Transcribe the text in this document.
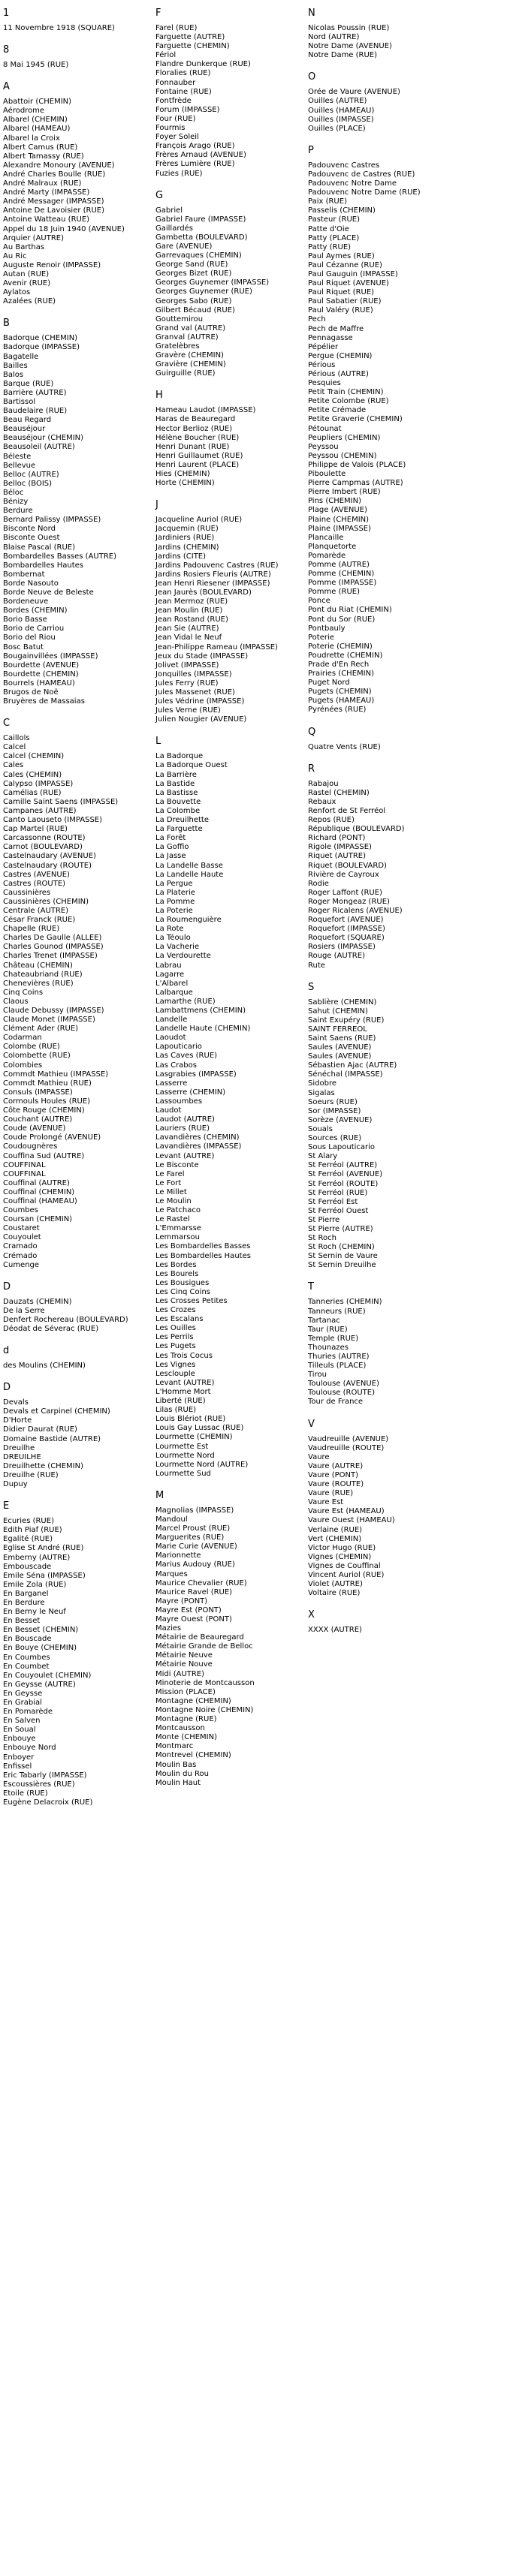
1
11 Novembre 1918 (SQUARE)
8
8 Mai 1945 (RUE)
A
Abattoir (CHEMIN)
Aérodrome
Albarel (CHEMIN)
Albarel (HAMEAU)
Albarel la Croix
Albert Camus (RUE)
Albert Tamassy (RUE)
Alexandre Monoury (AVENUE)
André Charles Boulle (RUE)
André Malraux (RUE)
André Marty (IMPASSE)
André Messager (IMPASSE)
Antoine De Lavoisier (RUE)
Antoine Watteau (RUE)
Appel du 18 Juin 1940 (AVENUE)
Arquier (AUTRE)
Au Barthas
Au Ric
Auguste Renoir (IMPASSE)
Autan (RUE)
Avenir (RUE)
Aylatos
Azalées (RUE)
B
Badorque (CHEMIN)
Badorque (IMPASSE)
Bagatelle
Bailles
Balos
Barque (RUE)
Barrière (AUTRE)
Bartissol
Baudelaire (RUE)
Beau Regard
Beauséjour
Beauséjour (CHEMIN)
Beausoleil (AUTRE)
Béleste
Bellevue
Belloc (AUTRE)
Belloc (BOIS)
Béloc
Bénizy
Berdure
Bernard Palissy (IMPASSE)
Bisconte Nord
Bisconte Ouest
Blaise Pascal (RUE)
Bombardelles Basses (AUTRE)
Bombardelles Hautes
Bombernat
Borde Nasouto
Borde Neuve de Beleste
Bordeneuve
Bordes (CHEMIN)
Borio Basse
Borio de Carriou
Borio del Riou
Bosc Batut
Bougainvillées (IMPASSE)
Bourdette (AVENUE)
Bourdette (CHEMIN)
Bourrels (HAMEAU)
Brugos de Noë
Bruyères de Massaias
C
Caillols
Calcel
Calcel (CHEMIN)
Cales
Cales (CHEMIN)
Calypso (IMPASSE)
Camélias (RUE)
Camille Saint Saens (IMPASSE)
Campanes (AUTRE)
Canto Laouseto (IMPASSE)
Cap Martel (RUE)
Carcassonne (ROUTE)
Carnot (BOULEVARD)
Castelnaudary (AVENUE)
Castelnaudary (ROUTE)
Castres (AVENUE)
Castres (ROUTE)
Caussinières
Caussinières (CHEMIN)
Centrale (AUTRE)
César Franck (RUE)
Chapelle (RUE)
Charles De Gaulle (ALLEE)
Charles Gounod (IMPASSE)
Charles Trenet (IMPASSE)
Château (CHEMIN)
Chateaubriand (RUE)
Chenevières (RUE)
Cinq Coins
Claous
Claude Debussy (IMPASSE)
Claude Monet (IMPASSE)
Clément Ader (RUE)
Codarman
Colombe (RUE)
Colombette (RUE)
Colombies
Commdt Mathieu (IMPASSE)
Commdt Mathieu (RUE)
Consuls (IMPASSE)
Cormouls Houles (RUE)
Côte Rouge (CHEMIN)
Couchant (AUTRE)
Coude (AVENUE)
Coude Prolongé (AVENUE)
Coudougnères
Couffina Sud (AUTRE)
COUFFINAL
COUFFINAL
Couffinal (AUTRE)
Couffinal (CHEMIN)
Couffinal (HAMEAU)
Coumbes
Coursan (CHEMIN)
Coustaret
Couyoulet
Cramado
Crémado
Cumenge
D
Dauzats (CHEMIN)
De la Serre
Denfert Rochereau (BOULEVARD)
Déodat de Séverac (RUE)
d
des Moulins (CHEMIN)
D
Devals
Devals et Carpinel (CHEMIN)
D'Horte
Didier Daurat (RUE)
Domaine Bastide (AUTRE)
Dreuilhe
DREUILHE
Dreuilhette (CHEMIN)
Dreuilhe (RUE)
Dupuy
E
Ecuries (RUE)
Edith Piaf (RUE)
Egalité (RUE)
Eglise St André (RUE)
Emberny (AUTRE)
Embouscade
Emile Séna (IMPASSE)
Emile Zola (RUE)
En Barganel
En Berdure
En Berny le Neuf
En Besset
En Besset (CHEMIN)
En Bouscade
En Bouye (CHEMIN)
En Coumbes
En Coumbet
En Couyoulet (CHEMIN)
En Geysse (AUTRE)
En Geysse
En Grabial
En Pomarède
En Salven
En Soual
Enbouye
Enbouye Nord
Enboyer
Enfissel
Eric Tabarly (IMPASSE)
Escoussières (RUE)
Etoile (RUE)
Eugène Delacroix (RUE)
F
Farel (RUE)
Farguette (AUTRE)
Farguette (CHEMIN)
Fériol
Flandre Dunkerque (RUE)
Floralies (RUE)
Fonnauber
Fontaine (RUE)
Fontfrède
Forum (IMPASSE)
Four (RUE)
Fourmis
Foyer Soleil
François Arago (RUE)
Frères Arnaud (AVENUE)
Frères Lumière (RUE)
Fuzies (RUE)
G
Gabriel
Gabriel Faure (IMPASSE)
Gaillardés
Gambetta (BOULEVARD)
Gare (AVENUE)
Garrevaques (CHEMIN)
George Sand (RUE)
Georges Bizet (RUE)
Georges Guynemer (IMPASSE)
Georges Guynemer (RUE)
Georges Sabo (RUE)
Gilbert Bécaud (RUE)
Gouttemirou
Grand val (AUTRE)
Granval (AUTRE)
Gratelèbres
Gravère (CHEMIN)
Gravière (CHEMIN)
Guirguille (RUE)
H
Hameau Laudot (IMPASSE)
Haras de Beauregard
Hector Berlioz (RUE)
Hélène Boucher (RUE)
Henri Dunant (RUE)
Henri Guillaumet (RUE)
Henri Laurent (PLACE)
Hies (CHEMIN)
Horte (CHEMIN)
J
Jacqueline Auriol (RUE)
Jacquemin (RUE)
Jardiniers (RUE)
Jardins (CHEMIN)
Jardins (CITE)
Jardins Padouvenc Castres (RUE)
Jardins Rosiers Fleuris (AUTRE)
Jean Henri Riesener (IMPASSE)
Jean Jaurès (BOULEVARD)
Jean Mermoz (RUE)
Jean Moulin (RUE)
Jean Rostand (RUE)
Jean Sie (AUTRE)
Jean Vidal le Neuf
Jean-Philippe Rameau (IMPASSE)
Jeux du Stade (IMPASSE)
Jolivet (IMPASSE)
Jonquilles (IMPASSE)
Jules Ferry (RUE)
Jules Massenet (RUE)
Jules Védrine (IMPASSE)
Jules Verne (RUE)
Julien Nougier (AVENUE)
L
La Badorque
La Badorque Ouest
La Barrière
La Bastide
La Bastisse
La Bouvette
La Colombe
La Dreuilhette
La Farguette
La Forêt
La Goffio
La Jasse
La Landelle Basse
La Landelle Haute
La Pergue
La Platerie
La Pomme
La Poterie
La Roumenguière
La Rote
La Téoulo
La Vacherie
La Verdourette
Labrau
Lagarre
L'Albarel
Lalbarque
Lamarthe (RUE)
Lambattmens (CHEMIN)
Landelle
Landelle Haute (CHEMIN)
Laoudot
Lapouticario
Las Caves (RUE)
Las Crabos
Lasgrabies (IMPASSE)
Lasserre
Lasserre (CHEMIN)
Lassoumbes
Laudot
Laudot (AUTRE)
Lauriers (RUE)
Lavandières (CHEMIN)
Lavandières (IMPASSE)
Levant (AUTRE)
Le Bisconte
Le Farel
Le Fort
Le Millet
Le Moulin
Le Patchaco
Le Rastel
L'Emmarsse
Lemmarsou
Les Bombardelles Basses
Les Bombardelles Hautes
Les Bordes
Les Bourels
Les Bousigues
Les Cinq Coins
Les Crosses Petites
Les Crozes
Les Escalans
Les Ouilles
Les Perrils
Les Pugets
Les Trois Cocus
Les Vignes
Lesclouple
Levant (AUTRE)
L'Homme Mort
Liberté (RUE)
Lilas (RUE)
Louis Blériot (RUE)
Louis Gay Lussac (RUE)
Lourmette (CHEMIN)
Lourmette Est
Lourmette Nord
Lourmette Nord (AUTRE)
Lourmette Sud
M
Magnolias (IMPASSE)
Mandoul
Marcel Proust (RUE)
Marguerites (RUE)
Marie Curie (AVENUE)
Marionnette
Marius Audouy (RUE)
Marques
Maurice Chevalier (RUE)
Maurice Ravel (RUE)
Mayre (PONT)
Mayre Est (PONT)
Mayre Ouest (PONT)
Mazies
Métairie de Beauregard
Métairie Grande de Belloc
Métairie Neuve
Métairie Nouve
Midi (AUTRE)
Minoterie de Montcausson
Mission (PLACE)
Montagne (CHEMIN)
Montagne Noire (CHEMIN)
Montagne (RUE)
Montcausson
Monte (CHEMIN)
Montmarc
Montrevel (CHEMIN)
Moulin Bas
Moulin du Rou
Moulin Haut
N
Nicolas Poussin (RUE)
Nord (AUTRE)
Notre Dame (AVENUE)
Notre Dame (RUE)
O
Orée de Vaure (AVENUE)
Ouilles (AUTRE)
Ouilles (HAMEAU)
Ouilles (IMPASSE)
Ouilles (PLACE)
P
Padouvenc Castres
Padouvenc de Castres (RUE)
Padouvenc Notre Dame
Padouvenc Notre Dame (RUE)
Paix (RUE)
Passelis (CHEMIN)
Pasteur (RUE)
Patte d'Oie
Patty (PLACE)
Patty (RUE)
Paul Aymes (RUE)
Paul Cézanne (RUE)
Paul Gauguin (IMPASSE)
Paul Riquet (AVENUE)
Paul Riquet (RUE)
Paul Sabatier (RUE)
Paul Valéry (RUE)
Pech
Pech de Maffre
Pennagasse
Pépélier
Pergue (CHEMIN)
Périous
Périous (AUTRE)
Pesquies
Petit Train (CHEMIN)
Petite Colombe (RUE)
Petite Crémade
Petite Graverie (CHEMIN)
Pétounat
Peupliers (CHEMIN)
Peyssou
Peyssou (CHEMIN)
Philippe de Valois (PLACE)
Piboulette
Pierre Campmas (AUTRE)
Pierre Imbert (RUE)
Pins (CHEMIN)
Plage (AVENUE)
Plaine (CHEMIN)
Plaine (IMPASSE)
Plancaille
Planquetorte
Pomarède
Pomme (AUTRE)
Pomme (CHEMIN)
Pomme (IMPASSE)
Pomme (RUE)
Ponce
Pont du Riat (CHEMIN)
Pont du Sor (RUE)
Pontbauly
Poterie
Poterie (CHEMIN)
Poudrette (CHEMIN)
Prade d'En Rech
Prairies (CHEMIN)
Puget Nord
Pugets (CHEMIN)
Pugets (HAMEAU)
Pyrénées (RUE)
Q
Quatre Vents (RUE)
R
Rabajou
Rastel (CHEMIN)
Rebaux
Renfort de St Ferréol
Repos (RUE)
République (BOULEVARD)
Richard (PONT)
Rigole (IMPASSE)
Riquet (AUTRE)
Riquet (BOULEVARD)
Rivière de Cayroux
Rodie
Roger Laffont (RUE)
Roger Mongeaz (RUE)
Roger Ricalens (AVENUE)
Roquefort (AVENUE)
Roquefort (IMPASSE)
Roquefort (SQUARE)
Rosiers (IMPASSE)
Rouge (AUTRE)
Rute
S
Sablière (CHEMIN)
Sahut (CHEMIN)
Saint Exupéry (RUE)
SAINT FERREOL
Saint Saens (RUE)
Saules (AVENUE)
Saules (AVENUE)
Sébastien Ajac (AUTRE)
Sénéchal (IMPASSE)
Sidobre
Sigalas
Soeurs (RUE)
Sor (IMPASSE)
Sorèze (AVENUE)
Souals
Sources (RUE)
Sous Lapouticario
St Alary
St Ferréol (AUTRE)
St Ferréol (AVENUE)
St Ferréol (ROUTE)
St Ferréol (RUE)
St Ferréol Est
St Ferréol Ouest
St Pierre
St Pierre (AUTRE)
St Roch
St Roch (CHEMIN)
St Sernin de Vaure
St Sernin Dreuilhe
T
Tanneries (CHEMIN)
Tanneurs (RUE)
Tartanac
Taur (RUE)
Temple (RUE)
Thounazes
Thuries (AUTRE)
Tilleuls (PLACE)
Tirou
Toulouse (AVENUE)
Toulouse (ROUTE)
Tour de France
V
Vaudreuille (AVENUE)
Vaudreuille (ROUTE)
Vaure
Vaure (AUTRE)
Vaure (PONT)
Vaure (ROUTE)
Vaure (RUE)
Vaure Est
Vaure Est (HAMEAU)
Vaure Ouest (HAMEAU)
Verlaine (RUE)
Vert (CHEMIN)
Victor Hugo (RUE)
Vignes (CHEMIN)
Vignes de Couffinal
Vincent Auriol (RUE)
Violet (AUTRE)
Voltaire (RUE)
X
XXXX (AUTRE)
